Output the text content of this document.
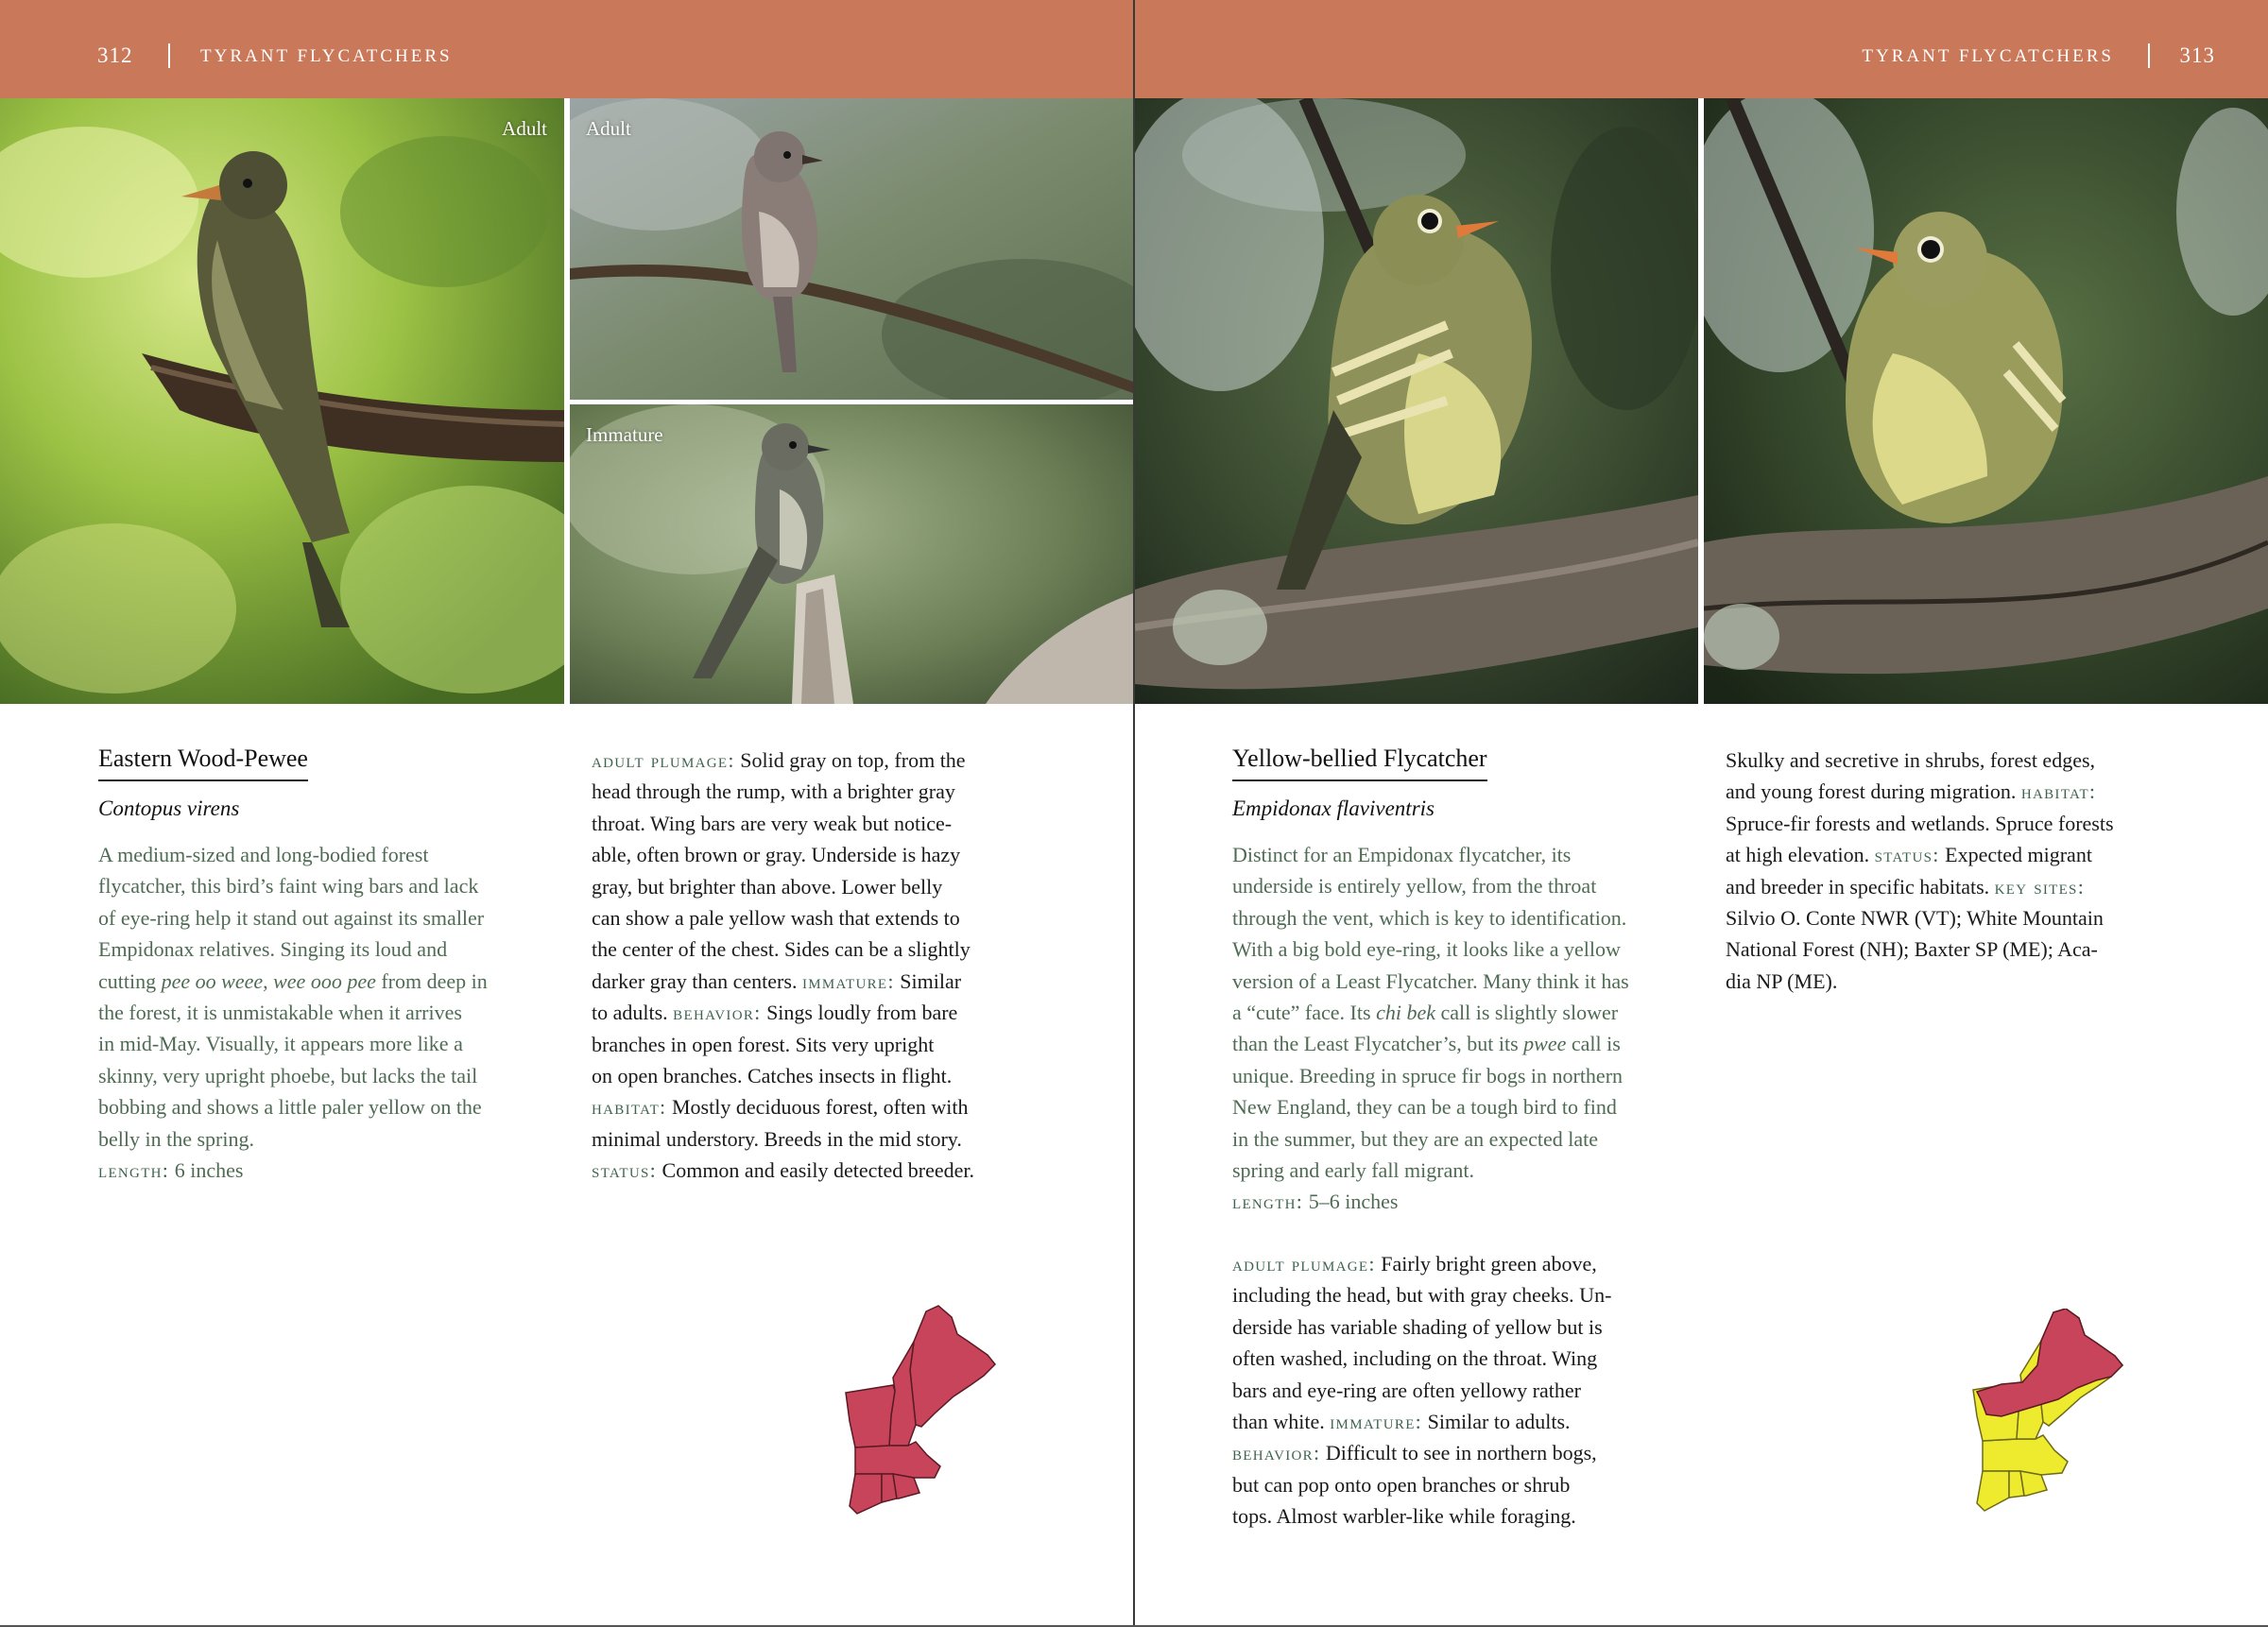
312	TYRANT FLYCATCHERS
Adult Adult
Immature
Eastern Wood-Pewee
Contopus virens
A medium-sized and long-bodied forest
flycatcher, this bird’s faint wing bars and lack
of eye-ring help it stand out against its smaller
Empidonax relatives. Singing its loud and
cutting pee oo weee, wee ooo pee from deep in
the forest, it is unmistakable when it arrives
in mid-May. Visually, it appears more like a
skinny, very upright phoebe, but lacks the tail
bobbing and shows a little paler yellow on the
belly in the spring.
length: 6 inches
adult plumage: Solid gray on top, from the
head through the rump, with a brighter gray
throat. Wing bars are very weak but notice-
able, often brown or gray. Underside is hazy
gray, but brighter than above. Lower belly
can show a pale yellow wash that extends to
the center of the chest. Sides can be a slightly
darker gray than centers. immature: Similar
to adults. behavior: Sings loudly from bare
branches in open forest. Sits very upright
on open branches. Catches insects in flight.
habitat: Mostly deciduous forest, often with
minimal understory. Breeds in the mid story.
status: Common and easily detected breeder.
TYRANT FLYCATCHERS	313
Yellow-bellied Flycatcher
Empidonax flaviventris
Distinct for an Empidonax flycatcher, its
underside is entirely yellow, from the throat
through the vent, which is key to identification.
With a big bold eye-ring, it looks like a yellow
version of a Least Flycatcher. Many think it has
a “cute” face. Its chi bek call is slightly slower
than the Least Flycatcher’s, but its pwee call is
unique. Breeding in spruce fir bogs in northern
New England, they can be a tough bird to find
in the summer, but they are an expected late
spring and early fall migrant.
length: 5–6 inches
adult plumage: Fairly bright green above,
including the head, but with gray cheeks. Un-
derside has variable shading of yellow but is
often washed, including on the throat. Wing
bars and eye-ring are often yellowy rather
than white. immature: Similar to adults.
behavior: Difficult to see in northern bogs,
but can pop onto open branches or shrub
tops. Almost warbler-like while foraging.
Skulky and secretive in shrubs, forest edges,
and young forest during migration. habitat:
Spruce-fir forests and wetlands. Spruce forests
at high elevation. status: Expected migrant
and breeder in specific habitats. key sites:
Silvio O. Conte NWR (VT); White Mountain
National Forest (NH); Baxter SP (ME); Aca-
dia NP (ME).
